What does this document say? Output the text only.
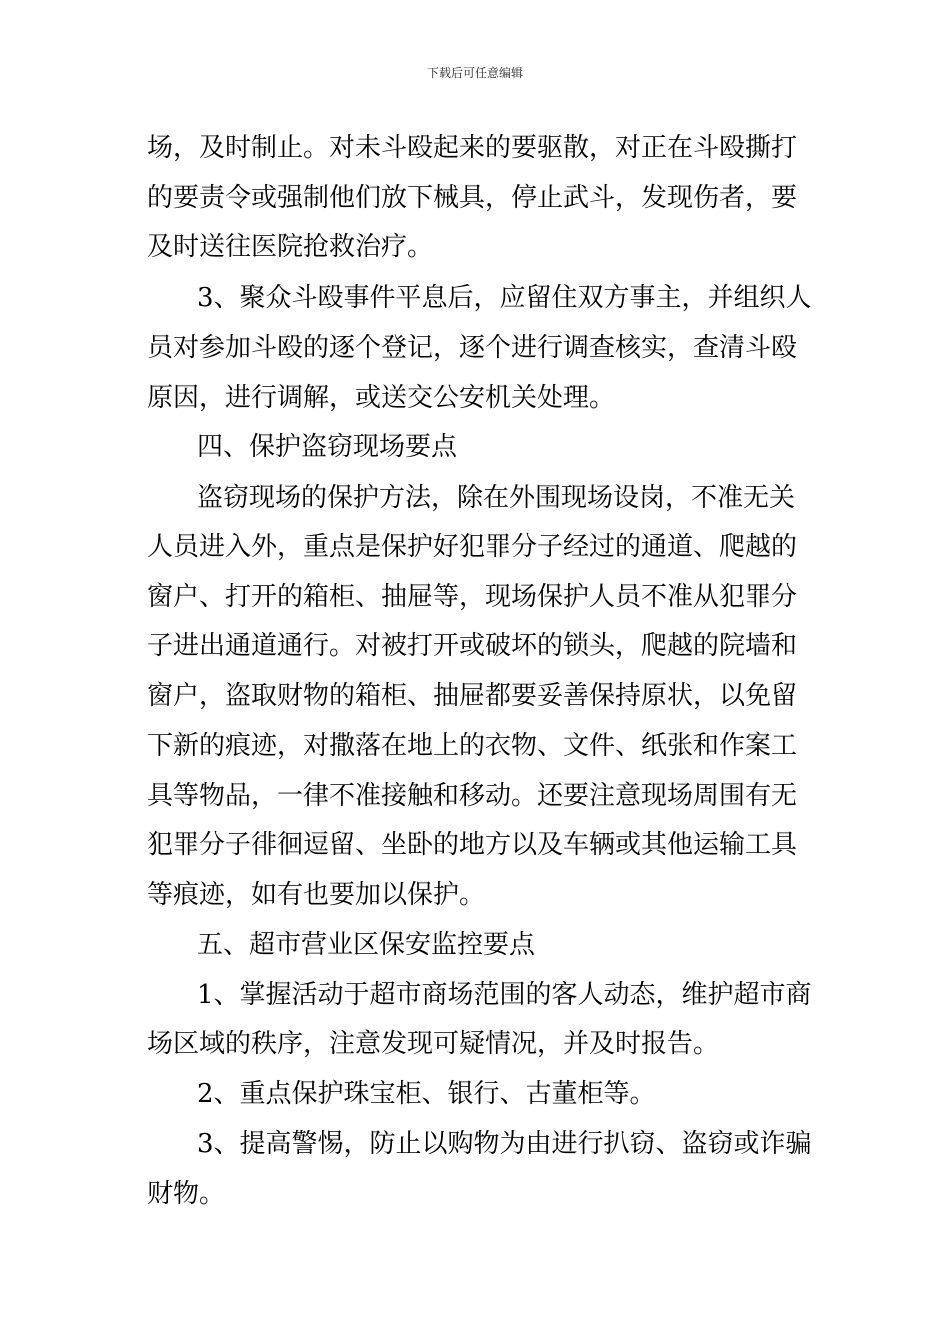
下载后可任意编辑
场，及时制止。对未斗殴起来的要驱散，对正在斗殴撕打
的要责令或强制他们放下械具，停止武斗，发现伤者，要
及时送往医院抢救治疗。
3、聚众斗殴事件平息后，应留住双方事主，并组织人
员对参加斗殴的逐个登记，逐个进行调查核实，查清斗殴
原因，进行调解，或送交公安机关处理。
四、保护盗窃现场要点
盗窃现场的保护方法，除在外围现场设岗，不准无关
人员进入外，重点是保护好犯罪分子经过的通道、爬越的
窗户、打开的箱柜、抽屉等，现场保护人员不准从犯罪分
子进出通道通行。对被打开或破坏的锁头，爬越的院墙和
窗户，盗取财物的箱柜、抽屉都要妥善保持原状，以免留
下新的痕迹，对撒落在地上的衣物、文件、纸张和作案工
具等物品，一律不准接触和移动。还要注意现场周围有无
犯罪分子徘徊逗留、坐卧的地方以及车辆或其他运输工具
等痕迹，如有也要加以保护。
五、超市营业区保安监控要点
1、掌握活动于超市商场范围的客人动态，维护超市商
场区域的秩序，注意发现可疑情况，并及时报告。
2、重点保护珠宝柜、银行、古董柜等。
3、提高警惕，防止以购物为由进行扒窃、盗窃或诈骗
财物。
